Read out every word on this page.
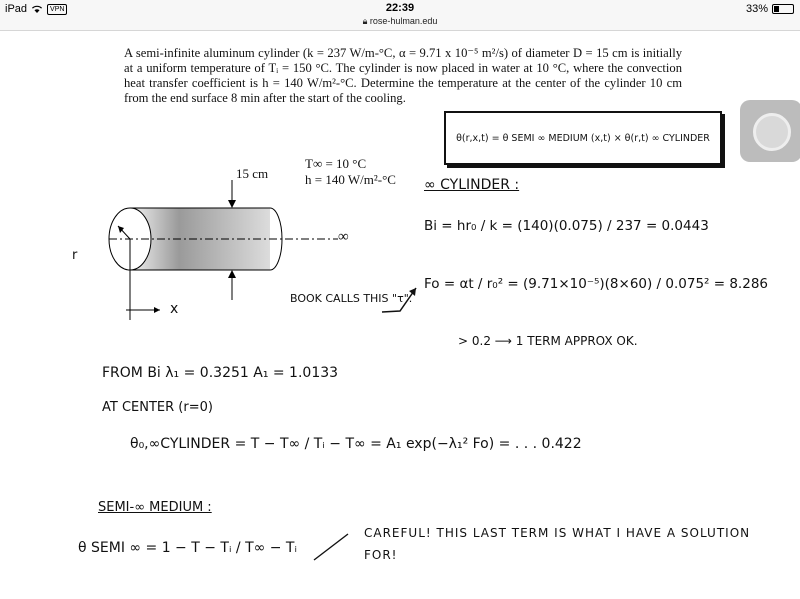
iPad	VPN	22:39
🔒︎ rose-hulman.edu
33%
A semi-infinite aluminum cylinder (k = 237 W/m-°C, α = 9.71 x 10⁻⁵ m²/s) of diameter D = 15 cm is initially at a uniform temperature of Tᵢ = 150 °C. The cylinder is now placed in water at 10 °C, where the convection heat transfer coefficient is h = 140 W/m²-°C. Determine the temperature at the center of the cylinder 10 cm from the end surface 8 min after the start of the cooling.
15 cm
T∞ = 10 °C
h = 140 W/m²-°C
∞
r
x
θ(r,x,t) = θ SEMI ∞ MEDIUM (x,t) × θ(r,t) ∞ CYLINDER
∞ CYLINDER :
Bi = hr₀ / k = (140)(0.075) / 237 = 0.0443
Fo = αt / r₀² = (9.71×10⁻⁵)(8×60) / 0.075² = 8.286
BOOK CALLS THIS "τ".
> 0.2 ⟶ 1 TERM APPROX OK.
FROM Bi λ₁ = 0.3251 A₁ = 1.0133
AT CENTER (r=0)
θ₀,∞CYLINDER = T − T∞ / Tᵢ − T∞ = A₁ exp(−λ₁² Fo) = . . . 0.422
SEMI-∞ MEDIUM :
θ SEMI ∞ = 1 − T − Tᵢ / T∞ − Tᵢ
CAREFUL! THIS LAST TERM IS WHAT I HAVE A SOLUTION FOR!
